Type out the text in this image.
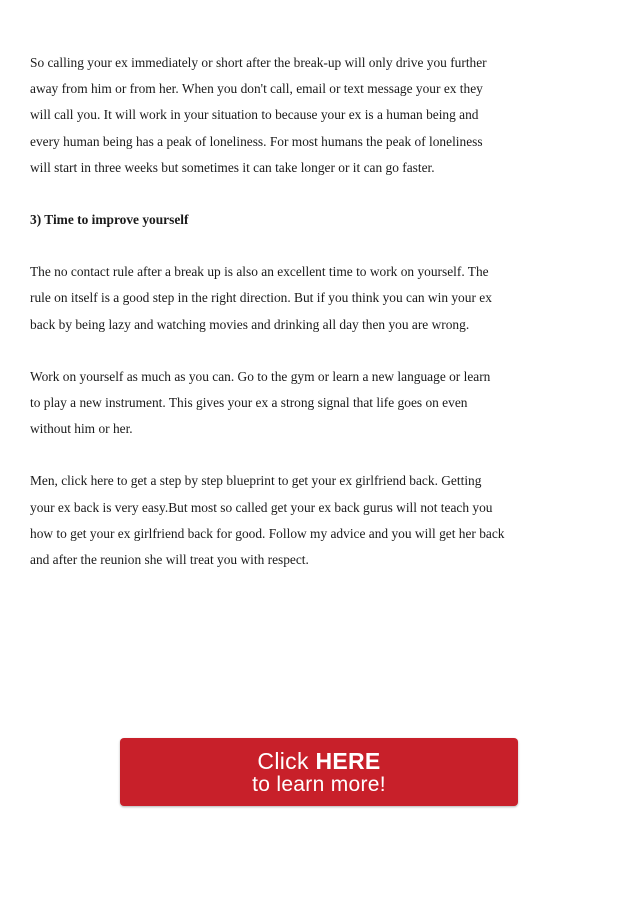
So calling your ex immediately or short after the break-up will only drive you further
away from him or from her. When you don't call, email or text message your ex they
will call you. It will work in your situation to because your ex is a human being and
every human being has a peak of loneliness. For most humans the peak of loneliness
will start in three weeks but sometimes it can take longer or it can go faster.

3) Time to improve yourself

The no contact rule after a break up is also an excellent time to work on yourself. The
rule on itself is a good step in the right direction. But if you think you can win your ex
back by being lazy and watching movies and drinking all day then you are wrong.

Work on yourself as much as you can. Go to the gym or learn a new language or learn
to play a new instrument. This gives your ex a strong signal that life goes on even
without him or her.

Men, click here to get a step by step blueprint to get your ex girlfriend back. Getting
your ex back is very easy.But most so called get your ex back gurus will not teach you
how to get your ex girlfriend back for good. Follow my advice and you will get her back
and after the reunion she will treat you with respect.

Click HERE
to learn more!
